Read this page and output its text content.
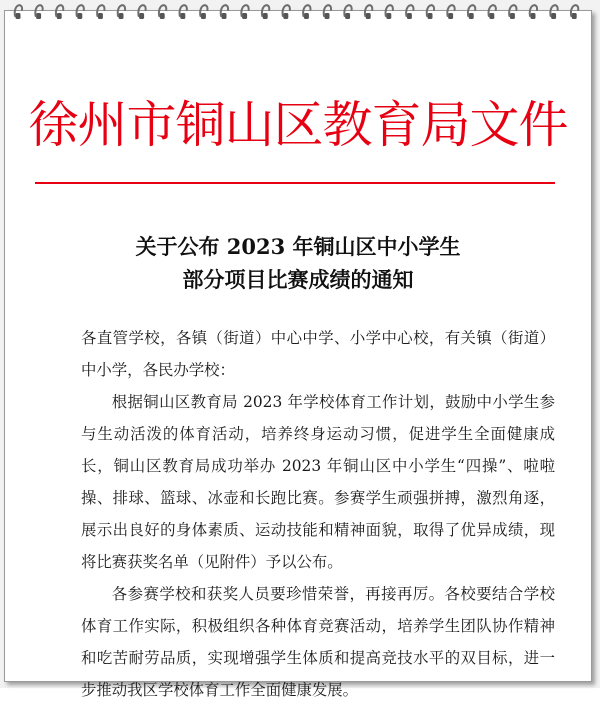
徐州市铜山区教育局文件
关于公布 2023 年铜山区中小学生
部分项目比赛成绩的通知

各直管学校，各镇（街道）中心中学、小学中心校，有关镇（街道）中小学，各民办学校：

根据铜山区教育局 2023 年学校体育工作计划，鼓励中小学生参与生动活泼的体育活动，培养终身运动习惯，促进学生全面健康成长，铜山区教育局成功举办 2023 年铜山区中小学生“四操”、啦啦操、排球、篮球、冰壶和长跑比赛。参赛学生顽强拼搏，激烈角逐，展示出良好的身体素质、运动技能和精神面貌，取得了优异成绩，现将比赛获奖名单（见附件）予以公布。

各参赛学校和获奖人员要珍惜荣誉，再接再厉。各校要结合学校体育工作实际，积极组织各种体育竞赛活动，培养学生团队协作精神和吃苦耐劳品质，实现增强学生体质和提高竞技水平的双目标，进一步推动我区学校体育工作全面健康发展。
